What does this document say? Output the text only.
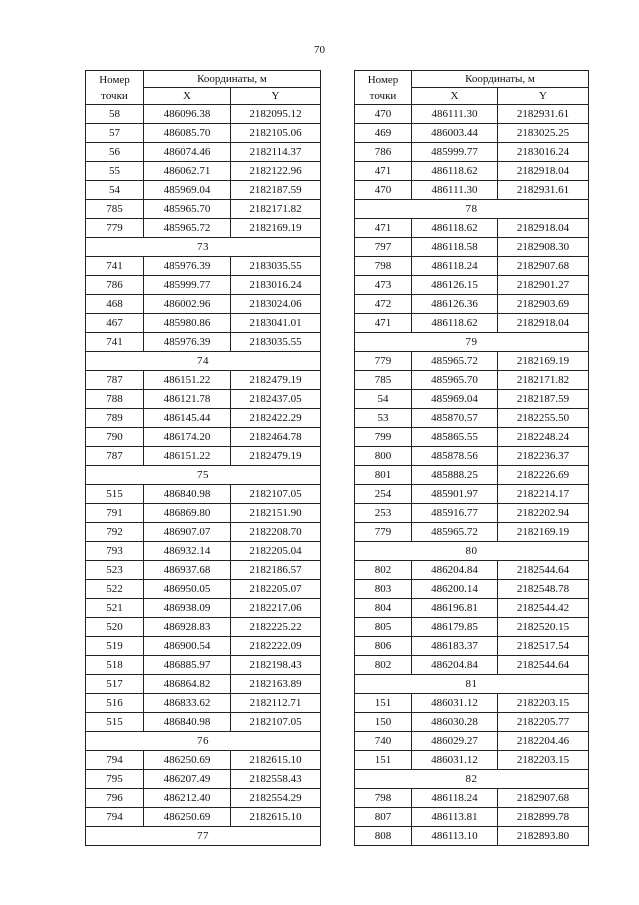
70
Номер
точки	Координаты, м	
	X	Y
58	486096.38	2182095.12
57	486085.70	2182105.06
56	486074.46	2182114.37
55	486062.71	2182122.96
54	485969.04	2182187.59
785	485965.70	2182171.82
779	485965.72	2182169.19
73		
741	485976.39	2183035.55
786	485999.77	2183016.24
468	486002.96	2183024.06
467	485980.86	2183041.01
741	485976.39	2183035.55
74		
787	486151.22	2182479.19
788	486121.78	2182437.05
789	486145.44	2182422.29
790	486174.20	2182464.78
787	486151.22	2182479.19
75		
515	486840.98	2182107.05
791	486869.80	2182151.90
792	486907.07	2182208.70
793	486932.14	2182205.04
523	486937.68	2182186.57
522	486950.05	2182205.07
521	486938.09	2182217.06
520	486928.83	2182225.22
519	486900.54	2182222.09
518	486885.97	2182198.43
517	486864.82	2182163.89
516	486833.62	2182112.71
515	486840.98	2182107.05
76		
794	486250.69	2182615.10
795	486207.49	2182558.43
796	486212.40	2182554.29
794	486250.69	2182615.10
77		
Номер
точки	Координаты, м	
	X	Y
470	486111.30	2182931.61
469	486003.44	2183025.25
786	485999.77	2183016.24
471	486118.62	2182918.04
470	486111.30	2182931.61
78		
471	486118.62	2182918.04
797	486118.58	2182908.30
798	486118.24	2182907.68
473	486126.15	2182901.27
472	486126.36	2182903.69
471	486118.62	2182918.04
79		
779	485965.72	2182169.19
785	485965.70	2182171.82
54	485969.04	2182187.59
53	485870.57	2182255.50
799	485865.55	2182248.24
800	485878.56	2182236.37
801	485888.25	2182226.69
254	485901.97	2182214.17
253	485916.77	2182202.94
779	485965.72	2182169.19
80		
802	486204.84	2182544.64
803	486200.14	2182548.78
804	486196.81	2182544.42
805	486179.85	2182520.15
806	486183.37	2182517.54
802	486204.84	2182544.64
81		
151	486031.12	2182203.15
150	486030.28	2182205.77
740	486029.27	2182204.46
151	486031.12	2182203.15
82		
798	486118.24	2182907.68
807	486113.81	2182899.78
808	486113.10	2182893.80
